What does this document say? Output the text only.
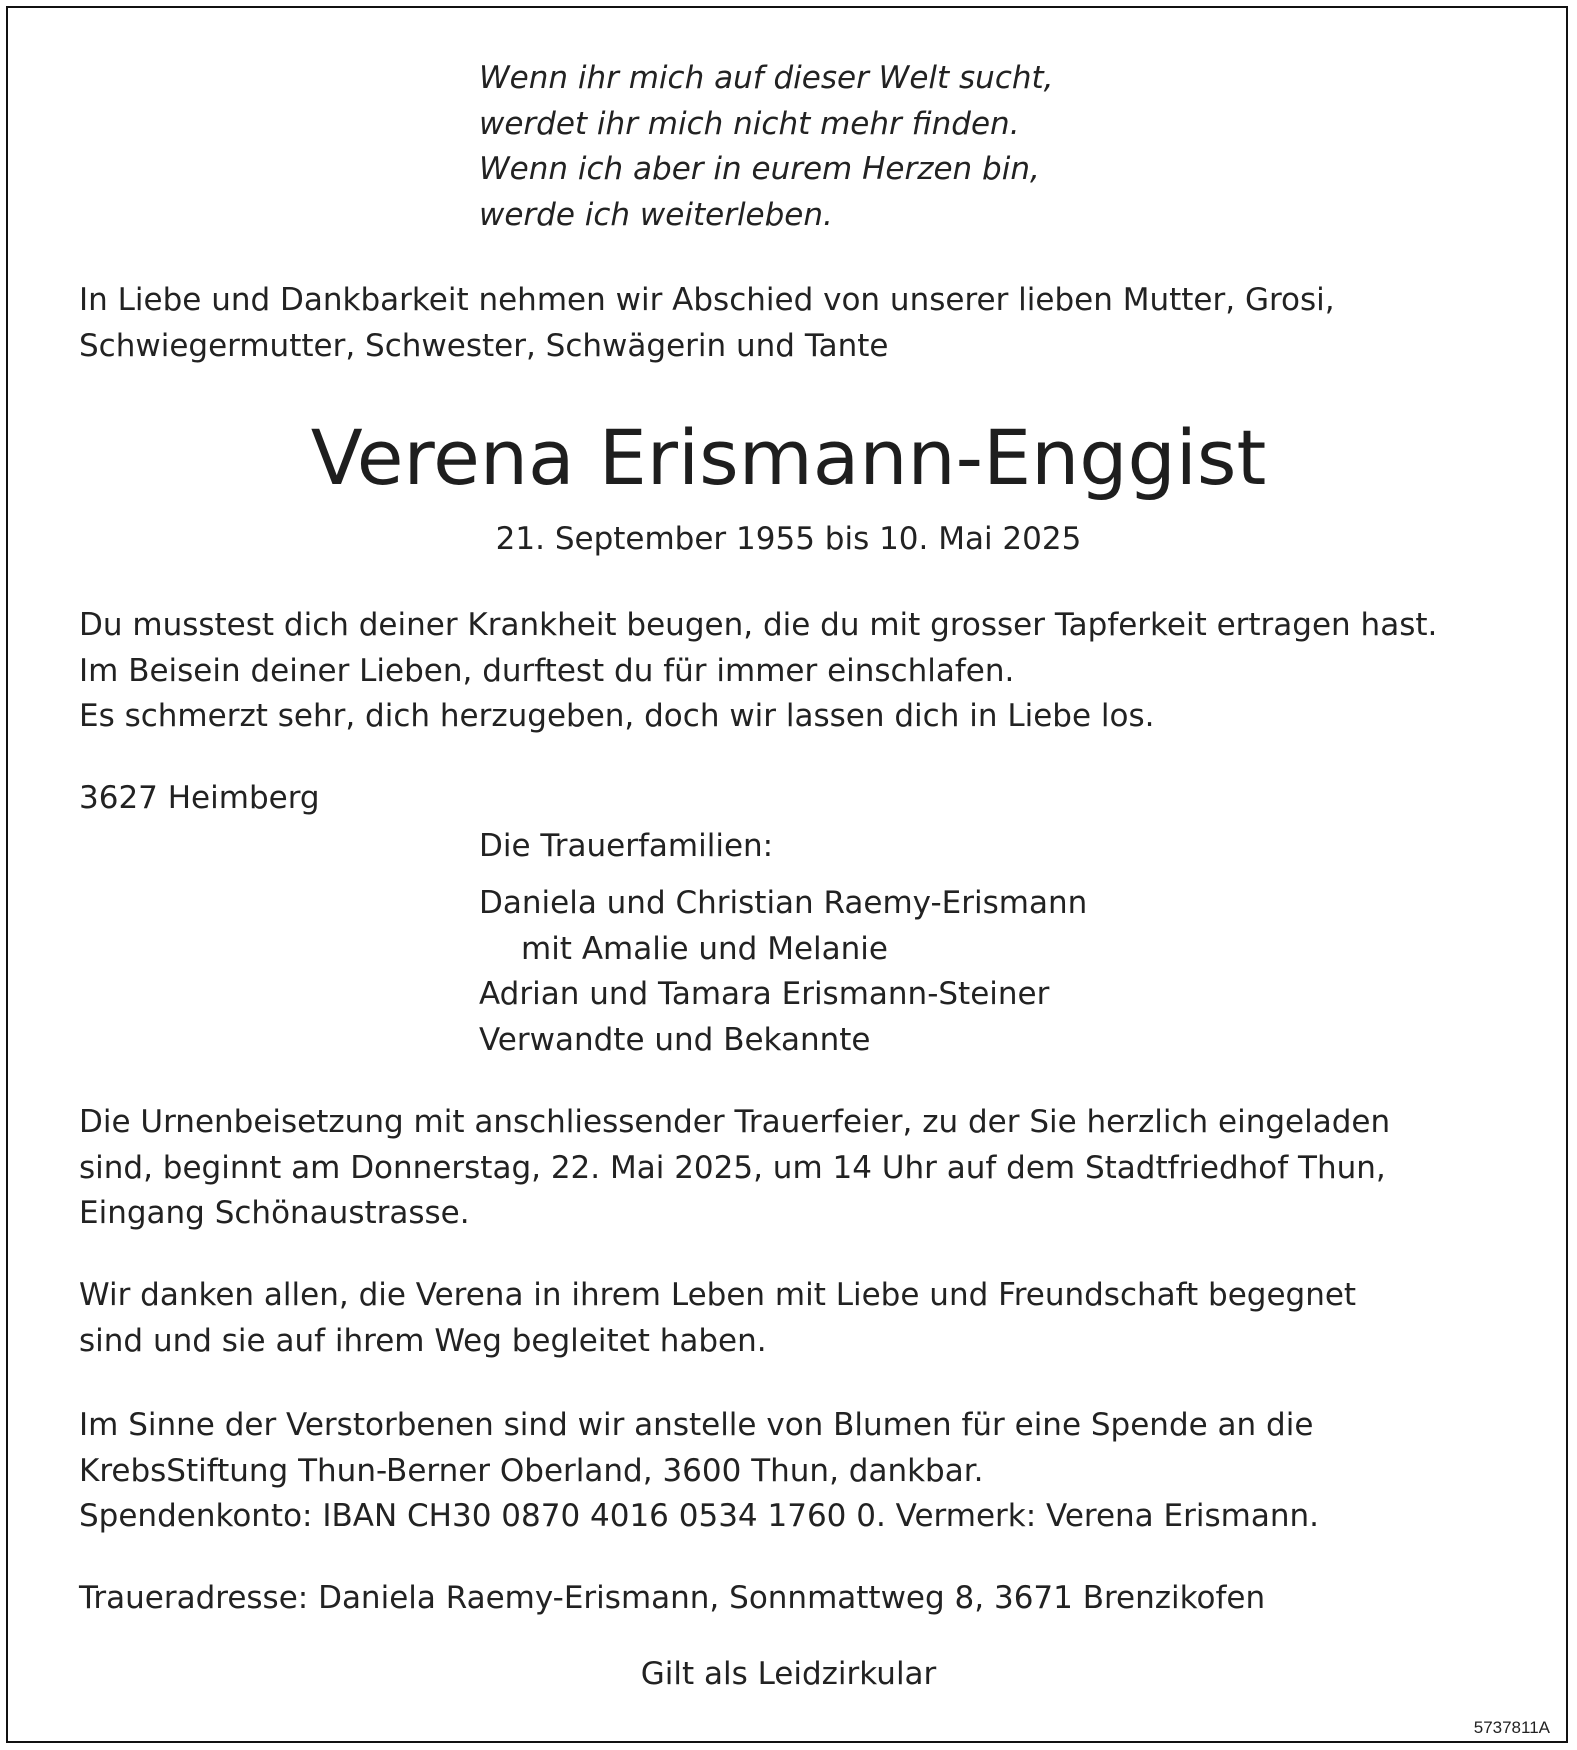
Wenn ihr mich auf dieser Welt sucht,
werdet ihr mich nicht mehr finden.
Wenn ich aber in eurem Herzen bin,
werde ich weiterleben.

In Liebe und Dankbarkeit nehmen wir Abschied von unserer lieben Mutter, Grosi,
Schwiegermutter, Schwester, Schwägerin und Tante

Verena Erismann-Enggist

21. September 1955 bis 10. Mai 2025

Du musstest dich deiner Krankheit beugen, die du mit grosser Tapferkeit ertragen hast.
Im Beisein deiner Lieben, durftest du für immer einschlafen.
Es schmerzt sehr, dich herzugeben, doch wir lassen dich in Liebe los.

3627 Heimberg

Die Trauerfamilien:

Daniela und Christian Raemy-Erismann
mit Amalie und Melanie
Adrian und Tamara Erismann-Steiner
Verwandte und Bekannte

Die Urnenbeisetzung mit anschliessender Trauerfeier, zu der Sie herzlich eingeladen
sind, beginnt am Donnerstag, 22. Mai 2025, um 14 Uhr auf dem Stadtfriedhof Thun,
Eingang Schönaustrasse.

Wir danken allen, die Verena in ihrem Leben mit Liebe und Freundschaft begegnet
sind und sie auf ihrem Weg begleitet haben.

Im Sinne der Verstorbenen sind wir anstelle von Blumen für eine Spende an die
KrebsStiftung Thun-Berner Oberland, 3600 Thun, dankbar.
Spendenkonto: IBAN CH30 0870 4016 0534 1760 0. Vermerk: Verena Erismann.

Traueradresse: Daniela Raemy-Erismann, Sonnmattweg 8, 3671 Brenzikofen

Gilt als Leidzirkular

5737811A
